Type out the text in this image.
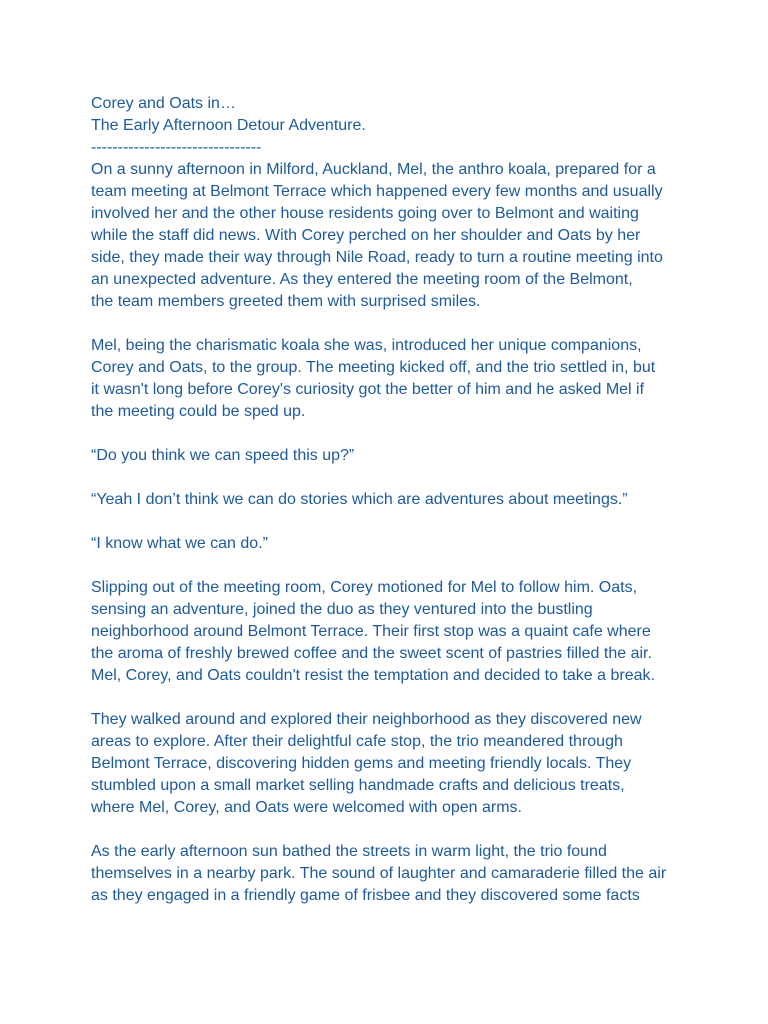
Corey and Oats in…
The Early Afternoon Detour Adventure.
--------------------------------
On a sunny afternoon in Milford, Auckland, Mel, the anthro koala, prepared for a
team meeting at Belmont Terrace which happened every few months and usually
involved her and the other house residents going over to Belmont and waiting
while the staff did news. With Corey perched on her shoulder and Oats by her
side, they made their way through Nile Road, ready to turn a routine meeting into
an unexpected adventure. As they entered the meeting room of the Belmont,
the team members greeted them with surprised smiles.
Mel, being the charismatic koala she was, introduced her unique companions,
Corey and Oats, to the group. The meeting kicked off, and the trio settled in, but
it wasn't long before Corey's curiosity got the better of him and he asked Mel if
the meeting could be sped up.
“Do you think we can speed this up?”
“Yeah I don’t think we can do stories which are adventures about meetings.”
“I know what we can do.”
Slipping out of the meeting room, Corey motioned for Mel to follow him. Oats,
sensing an adventure, joined the duo as they ventured into the bustling
neighborhood around Belmont Terrace. Their first stop was a quaint cafe where
the aroma of freshly brewed coffee and the sweet scent of pastries filled the air.
Mel, Corey, and Oats couldn't resist the temptation and decided to take a break.
They walked around and explored their neighborhood as they discovered new
areas to explore. After their delightful cafe stop, the trio meandered through
Belmont Terrace, discovering hidden gems and meeting friendly locals. They
stumbled upon a small market selling handmade crafts and delicious treats,
where Mel, Corey, and Oats were welcomed with open arms.
As the early afternoon sun bathed the streets in warm light, the trio found
themselves in a nearby park. The sound of laughter and camaraderie filled the air
as they engaged in a friendly game of frisbee and they discovered some facts
